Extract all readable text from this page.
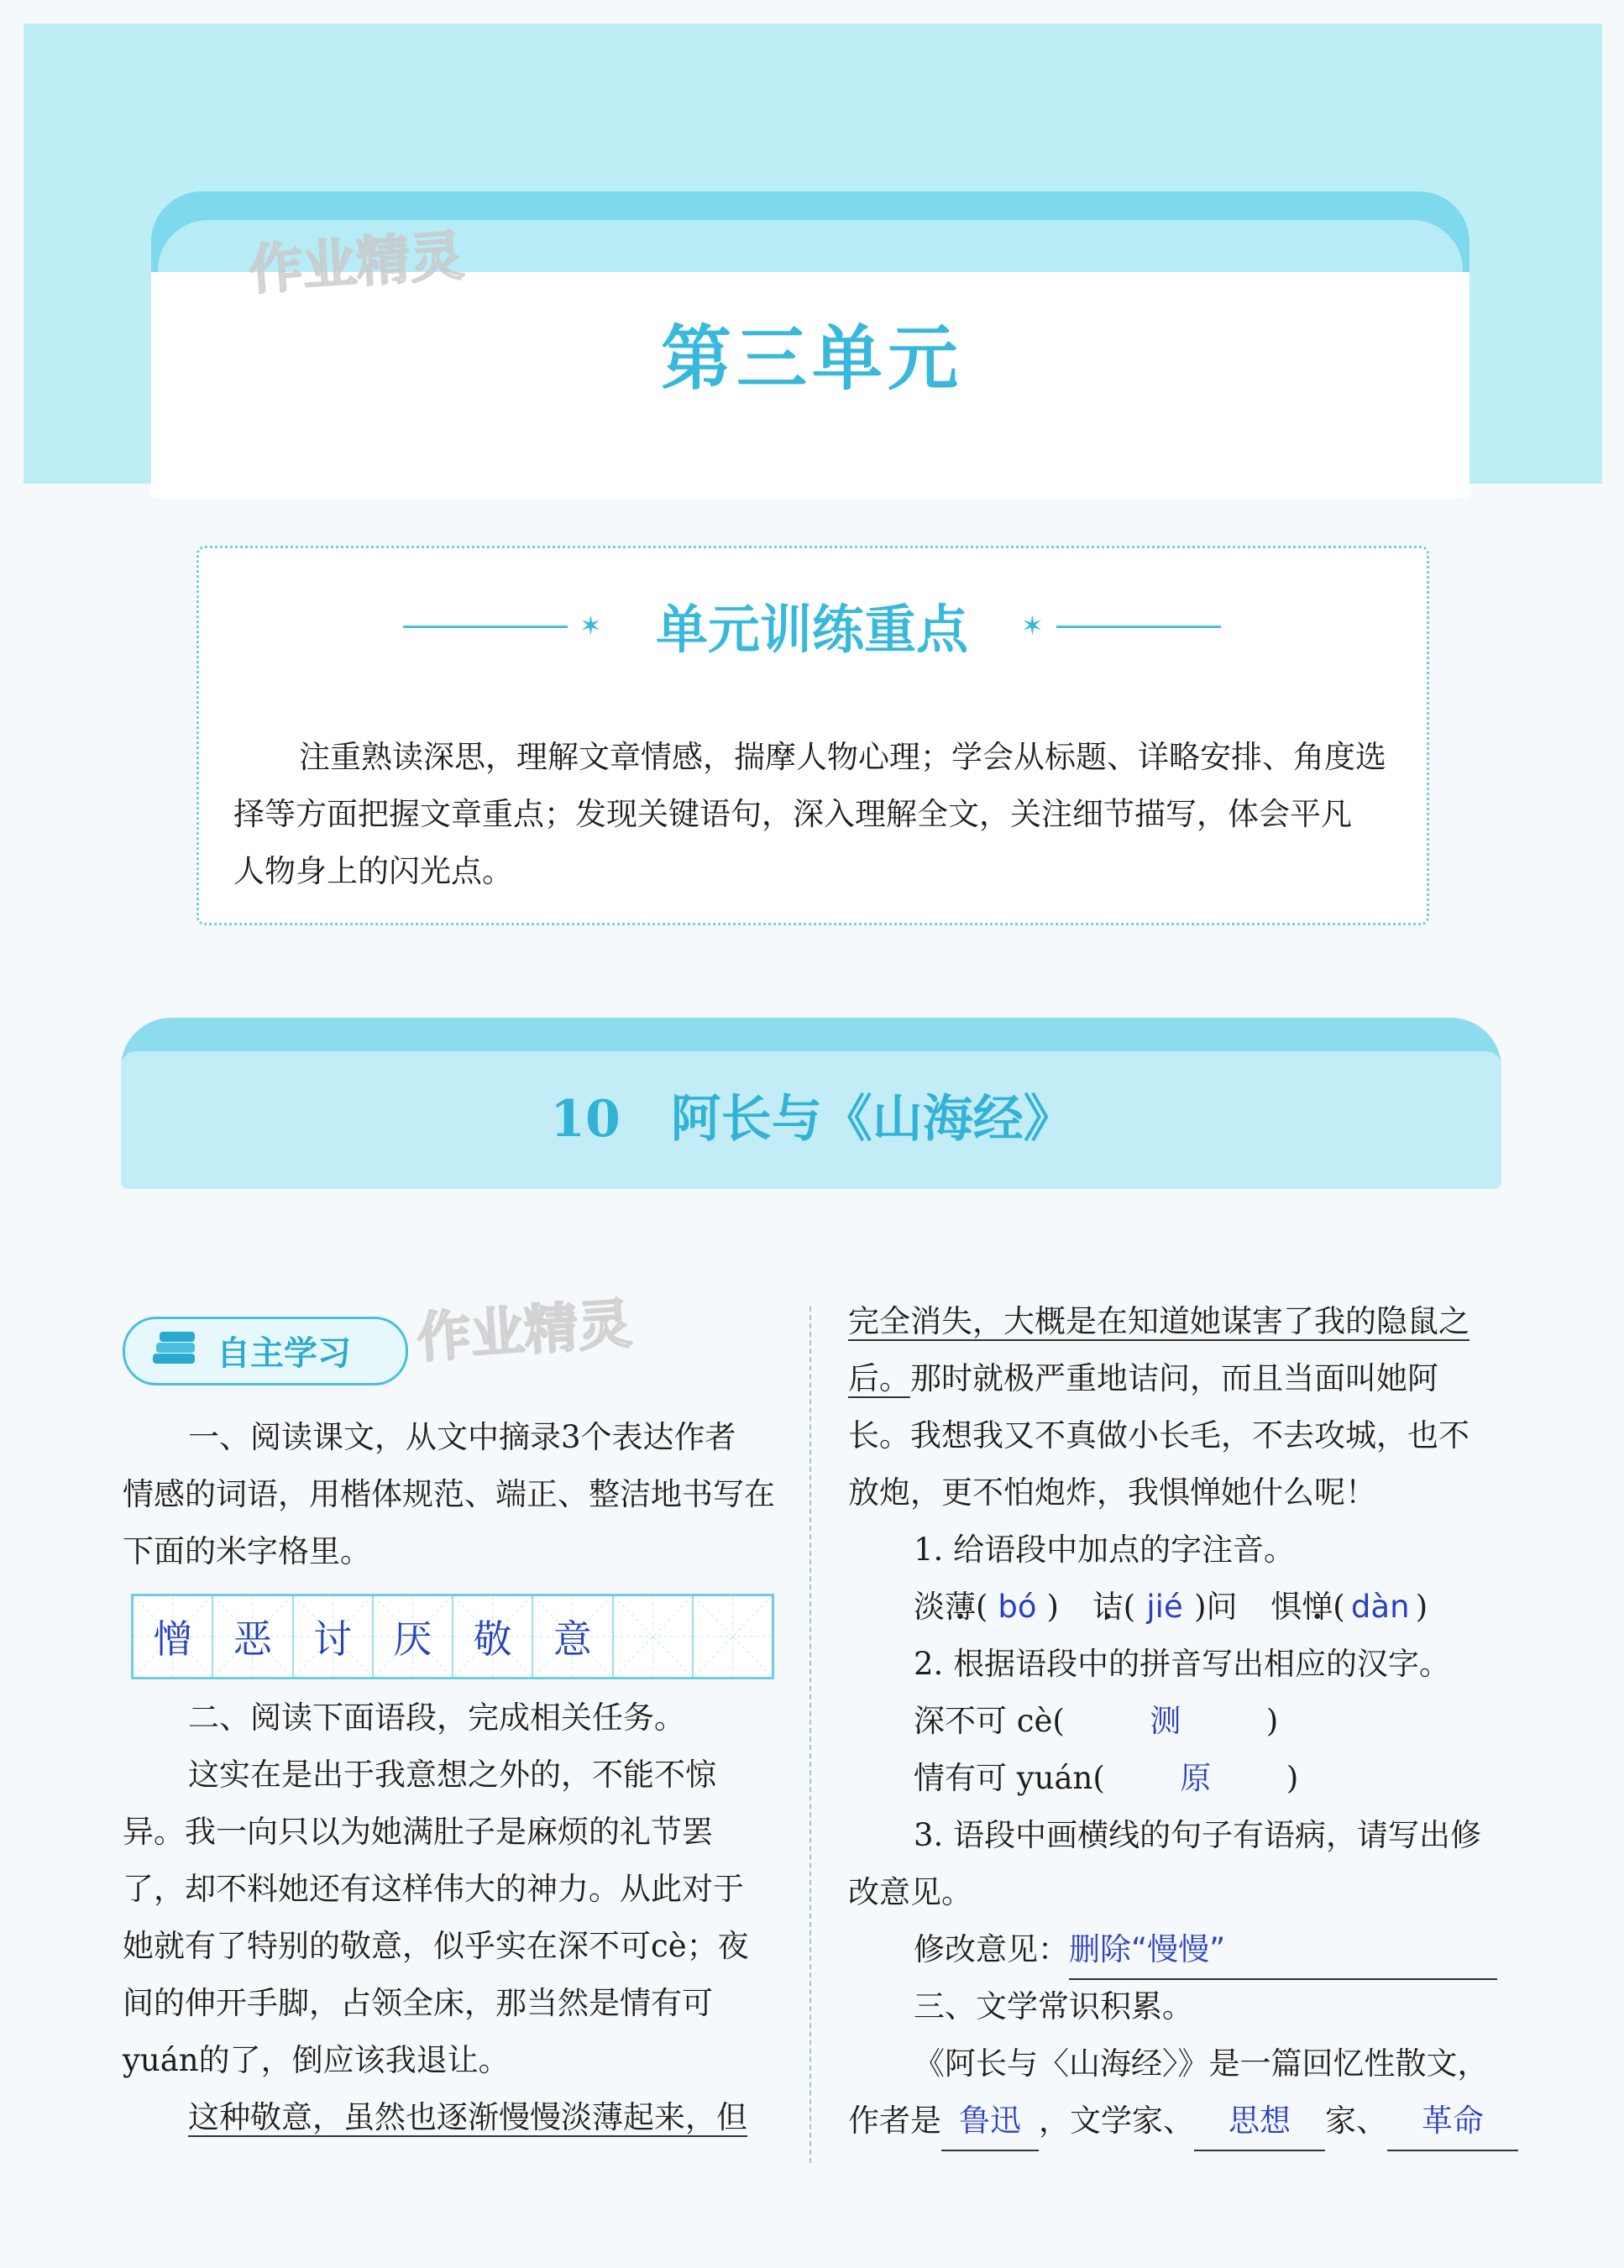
作业精灵
第三单元
✶	✶
单元训练重点
注重熟读深思，理解文章情感，揣摩人物心理；学会从标题、详略安排、角度选
择等方面把握文章重点；发现关键语句，深入理解全文，关注细节描写，体会平凡
人物身上的闪光点。
10 阿长与《山海经》
自主学习 作业精灵
一、阅读课文，从文中摘录3个表达作者
情感的词语，用楷体规范、端正、整洁地书写在
下面的米字格里。
憎 恶 讨 厌 敬 意
二、阅读下面语段，完成相关任务。
这实在是出于我意想之外的，不能不惊
异。我一向只以为她满肚子是麻烦的礼节罢
了，却不料她还有这样伟大的神力。从此对于
她就有了特别的敬意，似乎实在深不可cè；夜
间的伸开手脚，占领全床，那当然是情有可
yuán的了，倒应该我退让。
这种敬意，虽然也逐渐慢慢淡薄起来，但
完全消失，大概是在知道她谋害了我的隐鼠之
后。那时就极严重地诘问，而且当面叫她阿
长。我想我又不真做小长毛，不去攻城，也不
放炮，更不怕炮炸，我惧惮她什么呢！
1. 给语段中加点的字注音。
淡薄( bó ) 诘( jié )问 惧惮( dàn )
2. 根据语段中的拼音写出相应的汉字。
深不可 cè(	测	)
情有可 yuán( 原 )
3. 语段中画横线的句子有语病，请写出修
改意见。
修改意见：删除“慢慢”
三、文学常识积累。
《阿长与〈山海经〉》是一篇回忆性散文，
作者是 鲁迅 ，文学家、 思想 家、 革命
